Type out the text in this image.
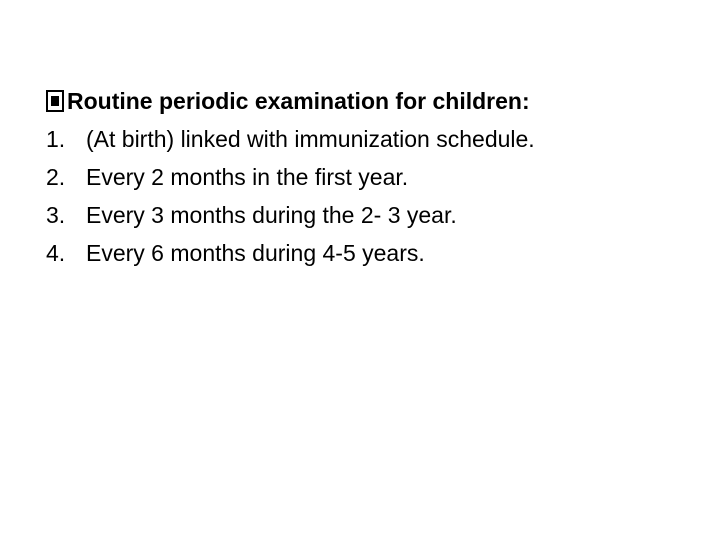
Routine periodic examination for children:
1. (At birth) linked with immunization schedule.
2. Every 2 months in the first year.
3. Every 3 months during the 2- 3 year.
4. Every 6 months during 4-5 years.
